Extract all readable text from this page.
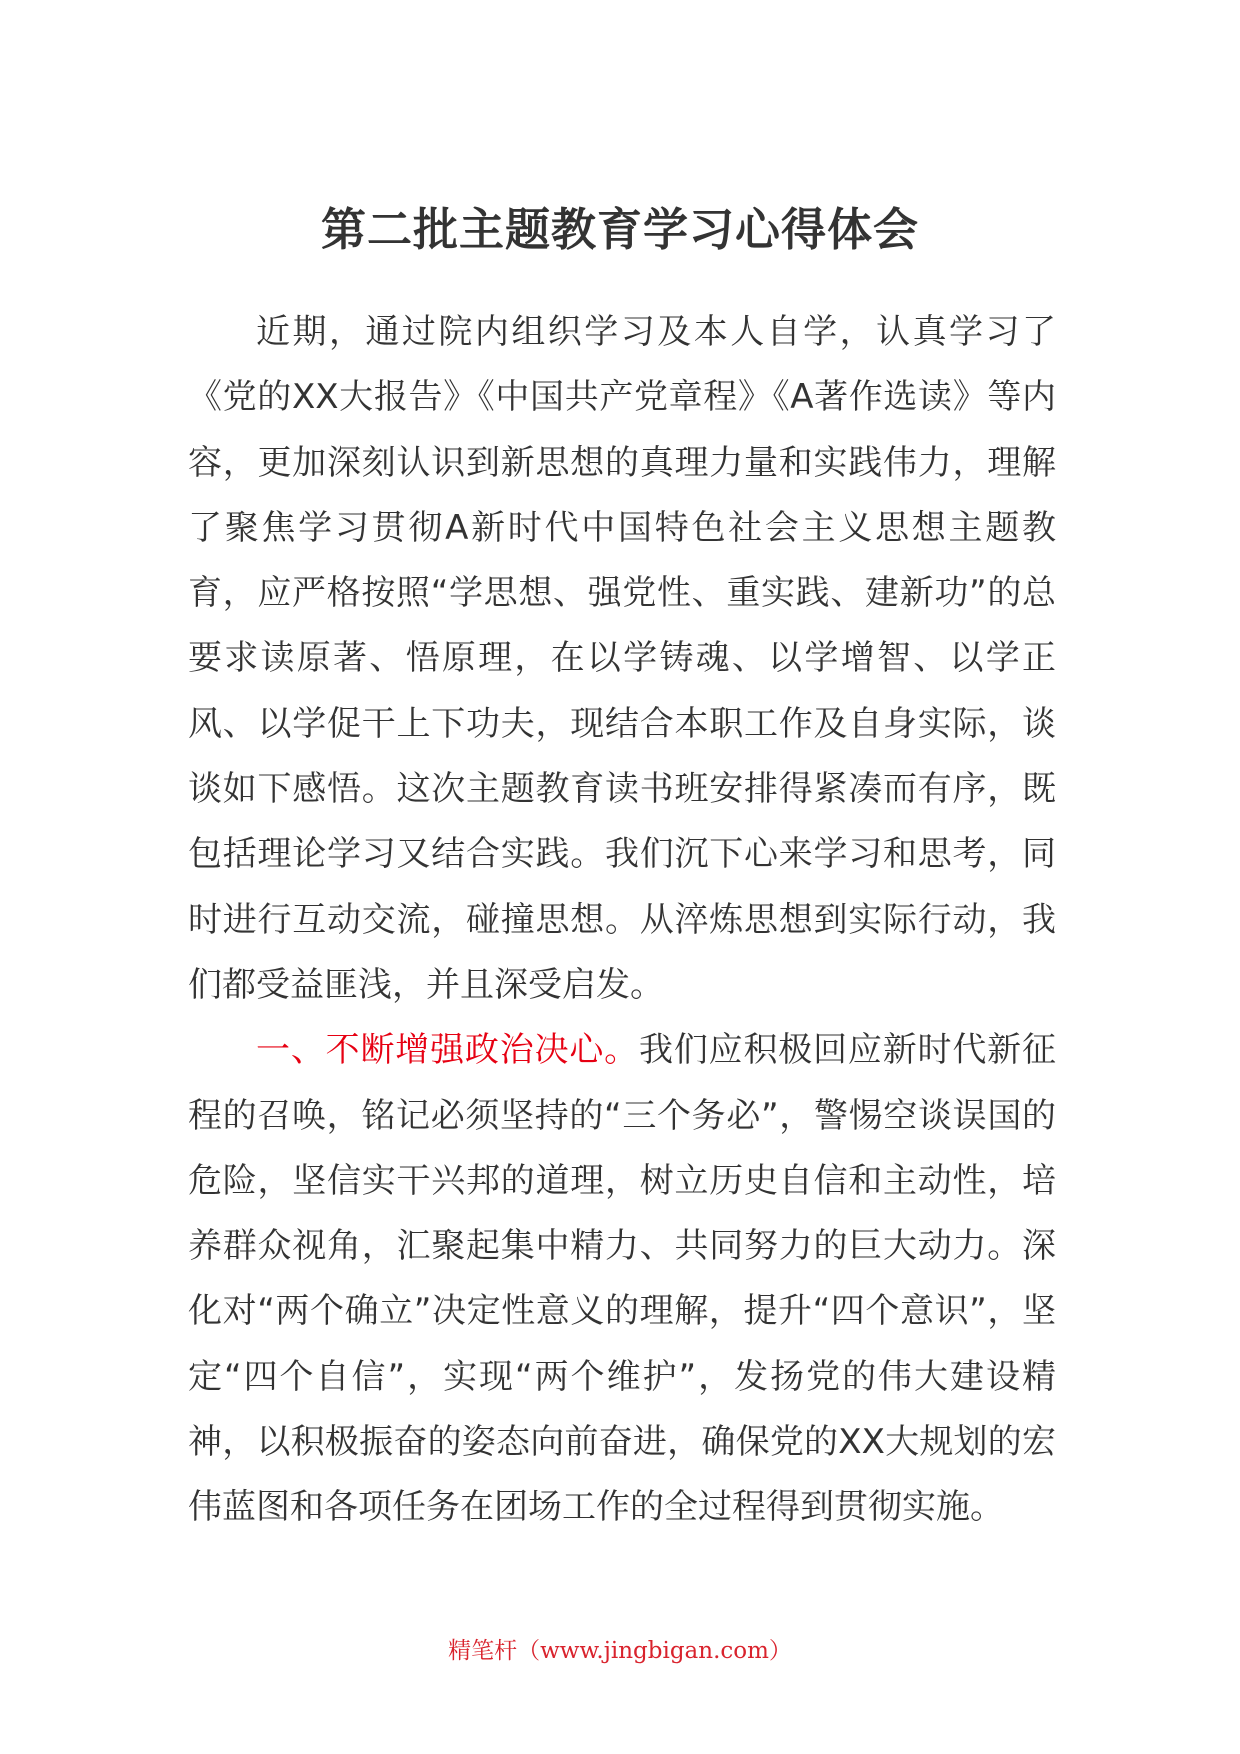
第二批主题教育学习心得体会

近期，通过院内组织学习及本人自学，认真学习了《党的XX大报告》《中国共产党章程》《A著作选读》等内容，更加深刻认识到新思想的真理力量和实践伟力，理解了聚焦学习贯彻A新时代中国特色社会主义思想主题教育，应严格按照“学思想、强党性、重实践、建新功”的总要求读原著、悟原理，在以学铸魂、以学增智、以学正风、以学促干上下功夫，现结合本职工作及自身实际，谈谈如下感悟。这次主题教育读书班安排得紧凑而有序，既包括理论学习又结合实践。我们沉下心来学习和思考，同时进行互动交流，碰撞思想。从淬炼思想到实际行动，我们都受益匪浅，并且深受启发。

一、不断增强政治决心。我们应积极回应新时代新征程的召唤，铭记必须坚持的“三个务必”，警惕空谈误国的危险，坚信实干兴邦的道理，树立历史自信和主动性，培养群众视角，汇聚起集中精力、共同努力的巨大动力。深化对“两个确立”决定性意义的理解，提升“四个意识”，坚定“四个自信”，实现“两个维护”，发扬党的伟大建设精神，以积极振奋的姿态向前奋进，确保党的XX大规划的宏伟蓝图和各项任务在团场工作的全过程得到贯彻实施。

精笔杆（www.jingbigan.com）
